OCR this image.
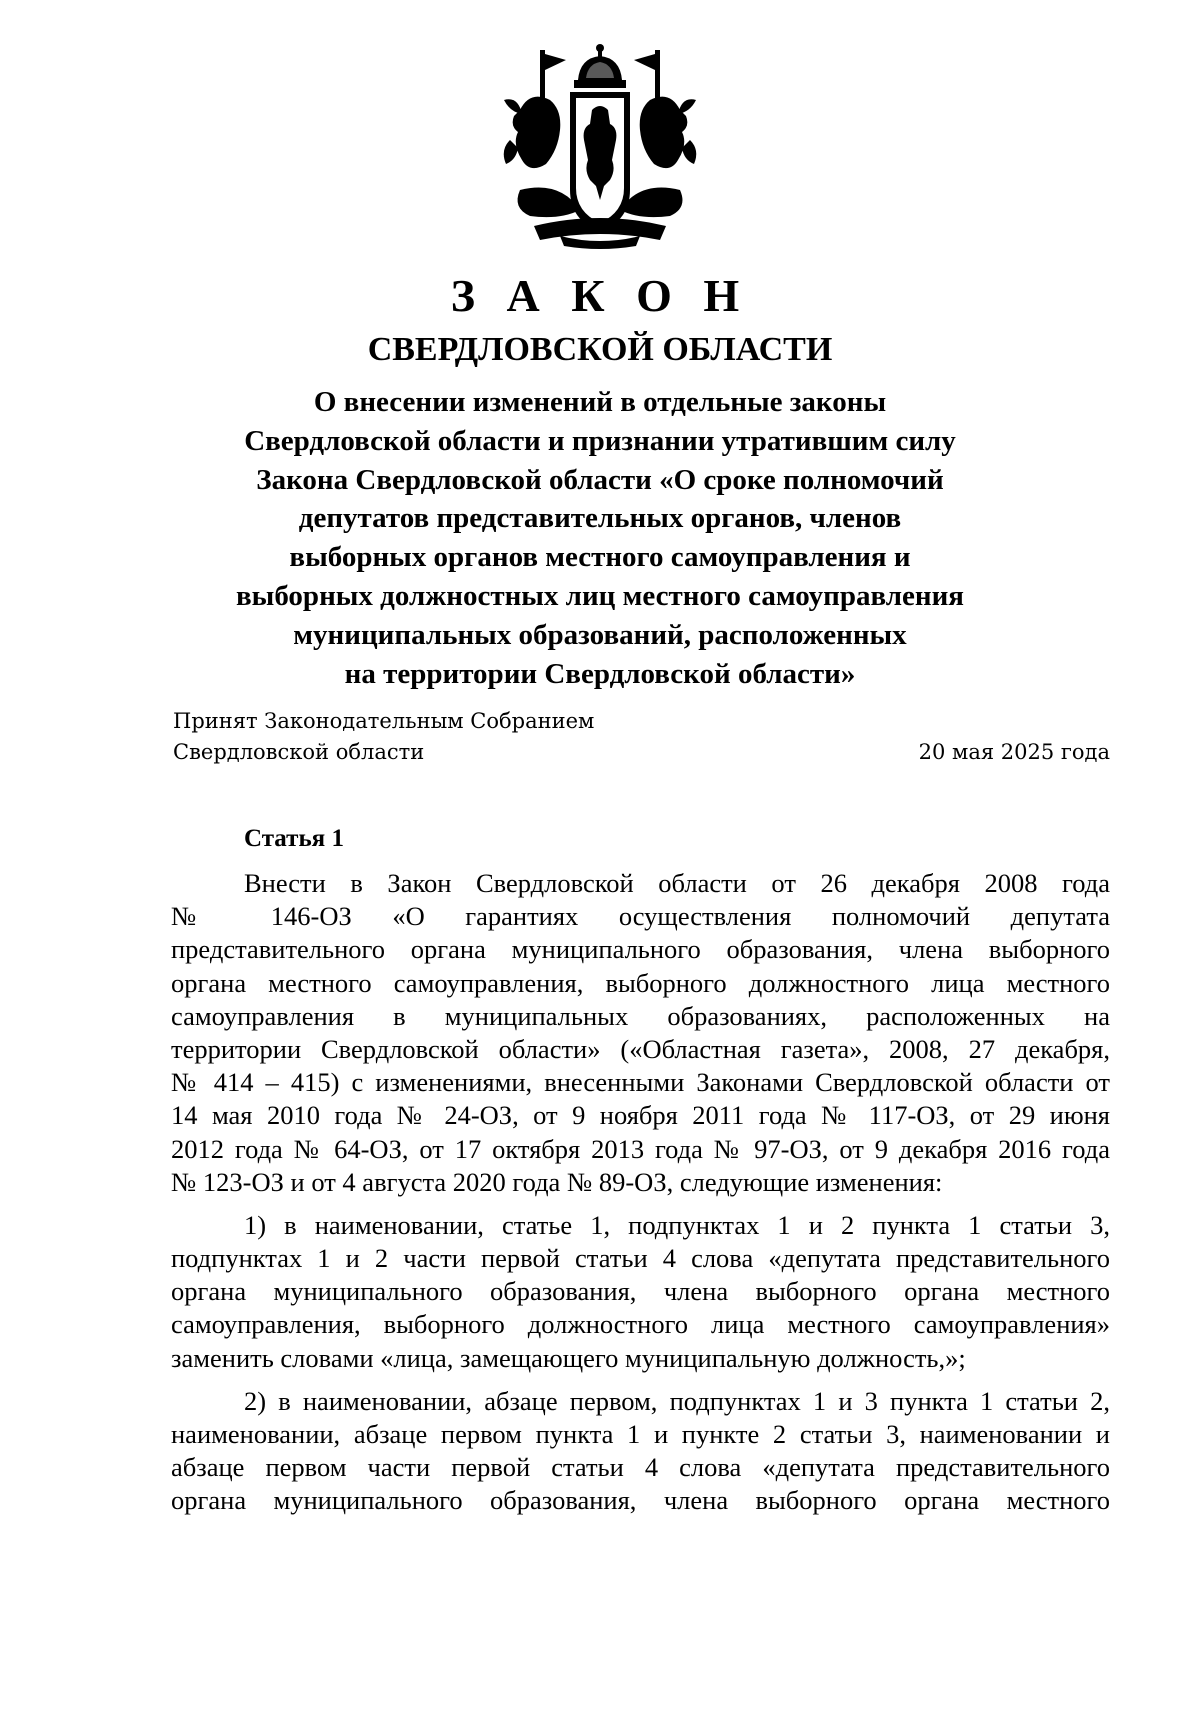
З А К О Н
СВЕРДЛОВСКОЙ ОБЛАСТИ
О внесении изменений в отдельные законы
Свердловской области и признании утратившим силу
Закона Свердловской области «О сроке полномочий
депутатов представительных органов, членов
выборных органов местного самоуправления и
выборных должностных лиц местного самоуправления
муниципальных образований, расположенных
на территории Свердловской области»
Принят Законодательным Собранием
Свердловской области	20 мая 2025 года
Статья 1
Внести в Закон Свердловской области от 26 декабря 2008 года
№ 146-ОЗ «О гарантиях осуществления полномочий депутата
представительного органа муниципального образования, члена выборного
органа местного самоуправления, выборного должностного лица местного
самоуправления в муниципальных образованиях, расположенных на
территории Свердловской области» («Областная газета», 2008, 27 декабря,
№ 414 – 415) с изменениями, внесенными Законами Свердловской области от
14 мая 2010 года № 24-ОЗ, от 9 ноября 2011 года № 117-ОЗ, от 29 июня
2012 года № 64-ОЗ, от 17 октября 2013 года № 97-ОЗ, от 9 декабря 2016 года
№ 123-ОЗ и от 4 августа 2020 года № 89-ОЗ, следующие изменения:
1) в наименовании, статье 1, подпунктах 1 и 2 пункта 1 статьи 3,
подпунктах 1 и 2 части первой статьи 4 слова «депутата представительного
органа муниципального образования, члена выборного органа местного
самоуправления, выборного должностного лица местного самоуправления»
заменить словами «лица, замещающего муниципальную должность,»;
2) в наименовании, абзаце первом, подпунктах 1 и 3 пункта 1 статьи 2,
наименовании, абзаце первом пункта 1 и пункте 2 статьи 3, наименовании и
абзаце первом части первой статьи 4 слова «депутата представительного
органа муниципального образования, члена выборного органа местного
